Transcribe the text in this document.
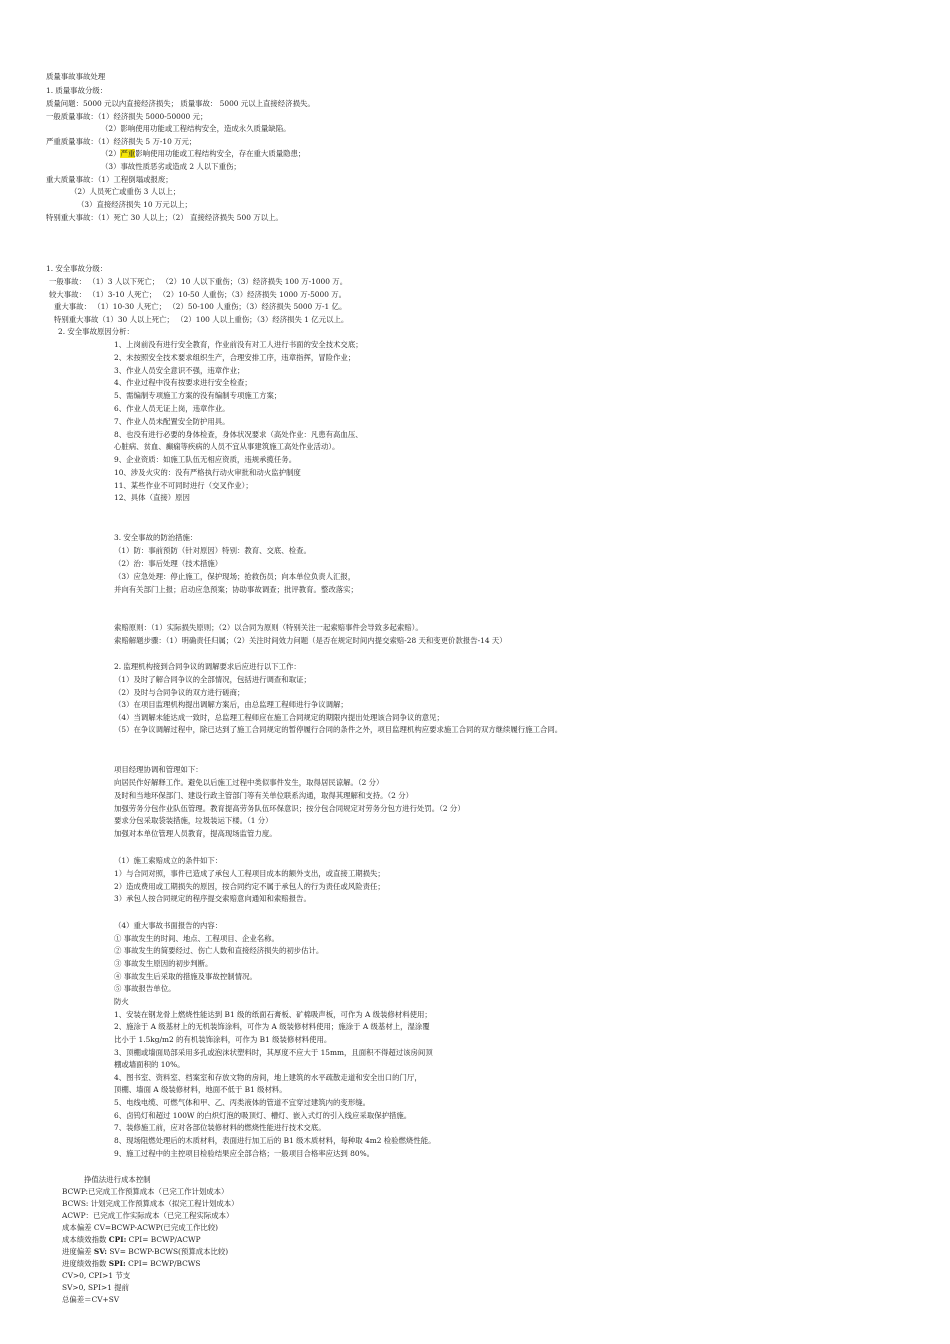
质量事故事故处理
1. 质量事故分级：
质量问题：5000 元以内直接经济损失； 质量事故： 5000 元以上直接经济损失。
一般质量事故：（1）经济损失 5000-50000 元；
（2）影响使用功能或工程结构安全，造成永久质量缺陷。
严重质量事故：（1）经济损失 5 万-10 万元；
（2）严重影响使用功能或工程结构安全，存在重大质量隐患；
（3）事故性质恶劣或造成 2 人以下重伤；
重大质量事故：（1）工程倒塌或报废；
（2）人员死亡或重伤 3 人以上；
（3）直接经济损失 10 万元以上；
特别重大事故：（1）死亡 30 人以上；（2） 直接经济损失 500 万以上。
1. 安全事故分级：
一般事故： （1）3 人以下死亡； （2）10 人以下重伤；（3）经济损失 100 万-1000 万。
较大事故： （1）3-10 人死亡； （2）10-50 人重伤；（3）经济损失 1000 万-5000 万。
重大事故： （1）10-30 人死亡； （2）50-100 人重伤；（3）经济损失 5000 万-1 亿。
特别重大事故（1）30 人以上死亡； （2）100 人以上重伤；（3）经济损失 1 亿元以上。
2. 安全事故原因分析：
1、上岗前没有进行安全教育，作业前没有对工人进行书面的安全技术交底；
2、未按照安全技术要求组织生产，合理安排工序，违章指挥，冒险作业；
3、作业人员安全意识不强，违章作业；
4、作业过程中没有按要求进行安全检查；
5、需编制专项施工方案的没有编制专项施工方案；
6、作业人员无证上岗，违章作业。
7、作业人员未配置安全防护用具。
8、也没有进行必要的身体检查，身体状况要求（高处作业：凡患有高血压、
心脏病、贫血、癫痫等疾病的人员不宜从事建筑施工高处作业活动）。
9、企业资质：如施工队伍无相应资质，违规承揽任务。
10、涉及火灾的：没有严格执行动火审批和动火监护制度
11、某些作业不可同时进行（交叉作业）；
12、具体（直接）原因
3. 安全事故的防治措施：
（1）防：事前预防（针对原因）特别：教育、交底、检查。
（2）治：事后处理（技术措施）
（3）应急处理：停止施工，保护现场；抢救伤员；向本单位负责人汇报，
并向有关部门上报；启动应急预案；协助事故调查；批评教育。整改落实；
索赔原则：（1）实际损失原则；（2）以合同为原则（特别关注一起索赔事件会导致多起索赔）。
索赔解题步骤：（1）明确责任归属；（2）关注时间效力问题（是否在规定时间内提交索赔-28 天和变更价款报告-14 天）
2. 监理机构接到合同争议的调解要求后应进行以下工作：
（1）及时了解合同争议的全部情况，包括进行调查和取证；
（2）及时与合同争议的双方进行磋商；
（3）在项目监理机构提出调解方案后，由总监理工程师进行争议调解；
（4）当调解未能达成一致时，总监理工程师应在施工合同规定的期限内提出处理该合同争议的意见；
（5）在争议调解过程中，除已达到了施工合同规定的暂停履行合同的条件之外，项目监理机构应要求施工合同的双方继续履行施工合同。
项目经理协调和管理如下：
向居民作好解释工作。避免以后施工过程中类似事件发生，取得居民谅解。（2 分）
及时和当地环保部门、建设行政主管部门等有关单位联系沟通，取得其理解和支持。（2 分）
加强劳务分包作业队伍管理。教育提高劳务队伍环保意识；按分包合同规定对劳务分包方进行处罚。（2 分）
要求分包采取袋装措施，垃圾装运下楼。（1 分）
加强对本单位管理人员教育，提高现场监管力度。
（1）施工索赔成立的条件如下：
1）与合同对照，事件已造成了承包人工程项目成本的额外支出，或直接工期损失；
2）造成费用或工期损失的原因，按合同约定不属于承包人的行为责任或风险责任；
3）承包人按合同规定的程序提交索赔意向通知和索赔报告。
（4）重大事故书面报告的内容：
① 事故发生的时间、地点、工程项目、企业名称。
② 事故发生的简要经过、伤亡人数和直接经济损失的初步估计。
③ 事故发生原因的初步判断。
④ 事故发生后采取的措施及事故控制情况。
⑤ 事故报告单位。
防火
1、安装在钢龙骨上燃烧性能达到 B1 级的纸面石膏板、矿棉吸声板，可作为 A 级装修材料使用；
2、施涂于 A 级基材上的无机装饰涂料，可作为 A 级装修材料使用；施涂于 A 级基材上，湿涂覆
比小于 1.5kg/m2 的有机装饰涂料，可作为 B1 级装修材料使用。
3、顶棚或墙面局部采用多孔或泡沫状塑料时，其厚度不应大于 15mm，且面积不得超过该房间顶
棚或墙面积的 10%。
4、图书室、资料室、档案室和存放文物的房间，地上建筑的水平疏散走道和安全出口的门厅，
顶棚、墙面 A 级装修材料，地面不低于 B1 级材料。
5、电线电缆、可燃气体和甲、乙、丙类液体的管道不宜穿过建筑内的变形缝。
6、卤钨灯和超过 100W 的白炽灯泡的吸顶灯、槽灯、嵌入式灯的引入线应采取保护措施。
7、装修施工前，应对各部位装修材料的燃烧性能进行技术交底。
8、现场阻燃处理后的木质材料，表面进行加工后的 B1 级木质材料，每种取 4m2 检验燃烧性能。
9、施工过程中的主控项目检验结果应全部合格；一般项目合格率应达到 80%。
挣值法进行成本控制
BCWP:已完成工作预算成本（已完工作计划成本）
BCWS: 计划完成工作预算成本（拟完工程计划成本）
ACWP：已完成工作实际成本（已完工程实际成本）
成本偏差 CV=BCWP-ACWP(已完成工作比较)
成本绩效指数 CPI: CPI= BCWP/ACWP
进度偏差 SV: SV= BCWP-BCWS(预算成本比较)
进度绩效指数 SPI: CPI= BCWP/BCWS
CV>0, CPI>1 节支
SV>0, SPI>1 提前
总偏差＝CV+SV
